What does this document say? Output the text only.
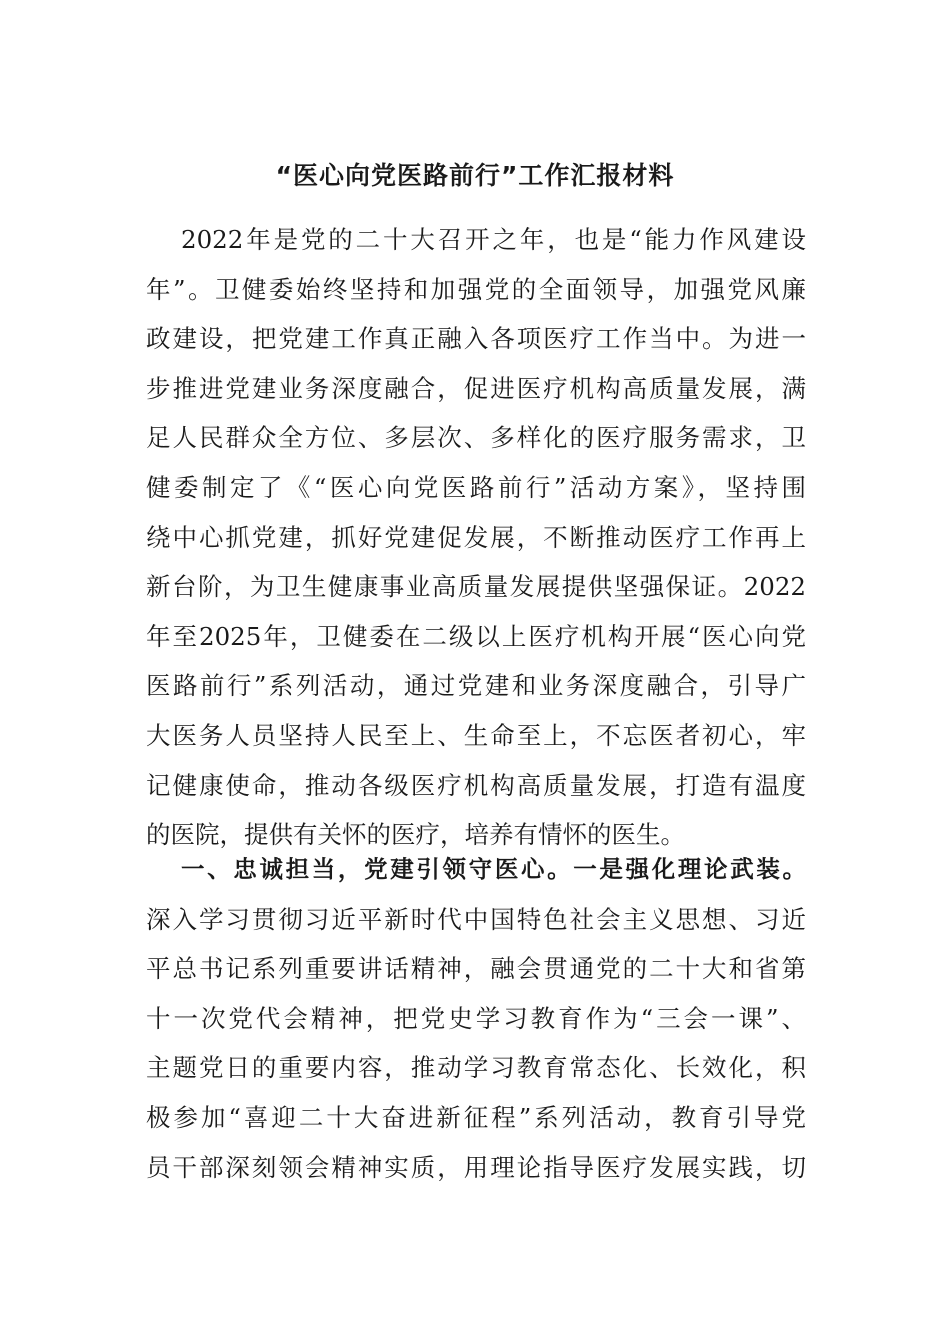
“医心向党医路前行”工作汇报材料
2022年是党的二十大召开之年，也是“能力作风建设
年”。卫健委始终坚持和加强党的全面领导，加强党风廉
政建设，把党建工作真正融入各项医疗工作当中。为进一
步推进党建业务深度融合，促进医疗机构高质量发展，满
足人民群众全方位、多层次、多样化的医疗服务需求，卫
健委制定了《“医心向党医路前行”活动方案》，坚持围
绕中心抓党建，抓好党建促发展，不断推动医疗工作再上
新台阶，为卫生健康事业高质量发展提供坚强保证。2022
年至2025年，卫健委在二级以上医疗机构开展“医心向党
医路前行”系列活动，通过党建和业务深度融合，引导广
大医务人员坚持人民至上、生命至上，不忘医者初心，牢
记健康使命，推动各级医疗机构高质量发展，打造有温度
的医院，提供有关怀的医疗，培养有情怀的医生。
一、忠诚担当，党建引领守医心。一是强化理论武装。
深入学习贯彻习近平新时代中国特色社会主义思想、习近
平总书记系列重要讲话精神，融会贯通党的二十大和省第
十一次党代会精神，把党史学习教育作为“三会一课”、
主题党日的重要内容，推动学习教育常态化、长效化，积
极参加“喜迎二十大奋进新征程”系列活动，教育引导党
员干部深刻领会精神实质，用理论指导医疗发展实践，切
